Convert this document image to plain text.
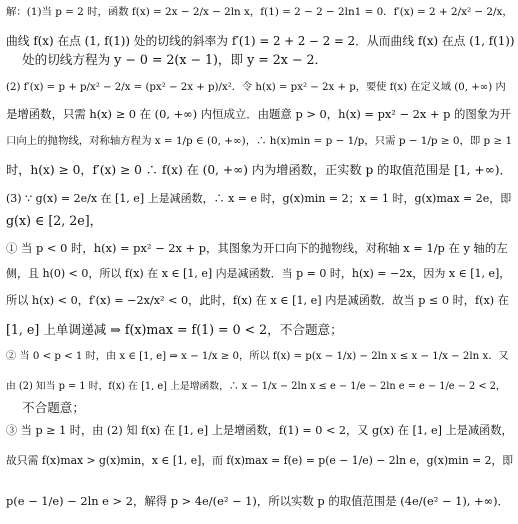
解：(1)当 p = 2 时，函数 f(x) = 2x − 2/x − 2ln x，f(1) = 2 − 2 − 2ln1 = 0．f′(x) = 2 + 2/x² − 2/x，
曲线 f(x) 在点 (1, f(1)) 处的切线的斜率为 f′(1) = 2 + 2 − 2 = 2．从而曲线 f(x) 在点 (1, f(1))
处的切线方程为 y − 0 = 2(x − 1)，即 y = 2x − 2．
(2) f′(x) = p + p/x² − 2/x = (px² − 2x + p)/x²．令 h(x) = px² − 2x + p，要使 f(x) 在定义域 (0, +∞) 内
是增函数，只需 h(x) ≥ 0 在 (0, +∞) 内恒成立．由题意 p > 0，h(x) = px² − 2x + p 的图象为开
口向上的抛物线，对称轴方程为 x = 1/p ∈ (0, +∞)，∴ h(x)min = p − 1/p，只需 p − 1/p ≥ 0，即 p ≥ 1
时，h(x) ≥ 0，f′(x) ≥ 0 ∴ f(x) 在 (0, +∞) 内为增函数，正实数 p 的取值范围是 [1, +∞)．
(3) ∵ g(x) = 2e/x 在 [1, e] 上是减函数，∴ x = e 时，g(x)min = 2；x = 1 时，g(x)max = 2e，即
g(x) ∈ [2, 2e]，
① 当 p < 0 时，h(x) = px² − 2x + p，其图象为开口向下的抛物线，对称轴 x = 1/p 在 y 轴的左
侧，且 h(0) < 0，所以 f(x) 在 x ∈ [1, e] 内是减函数．当 p = 0 时，h(x) = −2x，因为 x ∈ [1, e]，
所以 h(x) < 0，f′(x) = −2x/x² < 0，此时，f(x) 在 x ∈ [1, e] 内是减函数．故当 p ≤ 0 时，f(x) 在
[1, e] 上单调递减 ⇒ f(x)max = f(1) = 0 < 2，不合题意；
② 当 0 < p < 1 时，由 x ∈ [1, e] ⇒ x − 1/x ≥ 0，所以 f(x) = p(x − 1/x) − 2ln x ≤ x − 1/x − 2ln x．又
由 (2) 知当 p = 1 时，f(x) 在 [1, e] 上是增函数，∴ x − 1/x − 2ln x ≤ e − 1/e − 2ln e = e − 1/e − 2 < 2，
不合题意；
③ 当 p ≥ 1 时，由 (2) 知 f(x) 在 [1, e] 上是增函数，f(1) = 0 < 2，又 g(x) 在 [1, e] 上是减函数，
故只需 f(x)max > g(x)min，x ∈ [1, e]，而 f(x)max = f(e) = p(e − 1/e) − 2ln e，g(x)min = 2，即
p(e − 1/e) − 2ln e > 2，解得 p > 4e/(e² − 1)，所以实数 p 的取值范围是 (4e/(e² − 1), +∞)．
